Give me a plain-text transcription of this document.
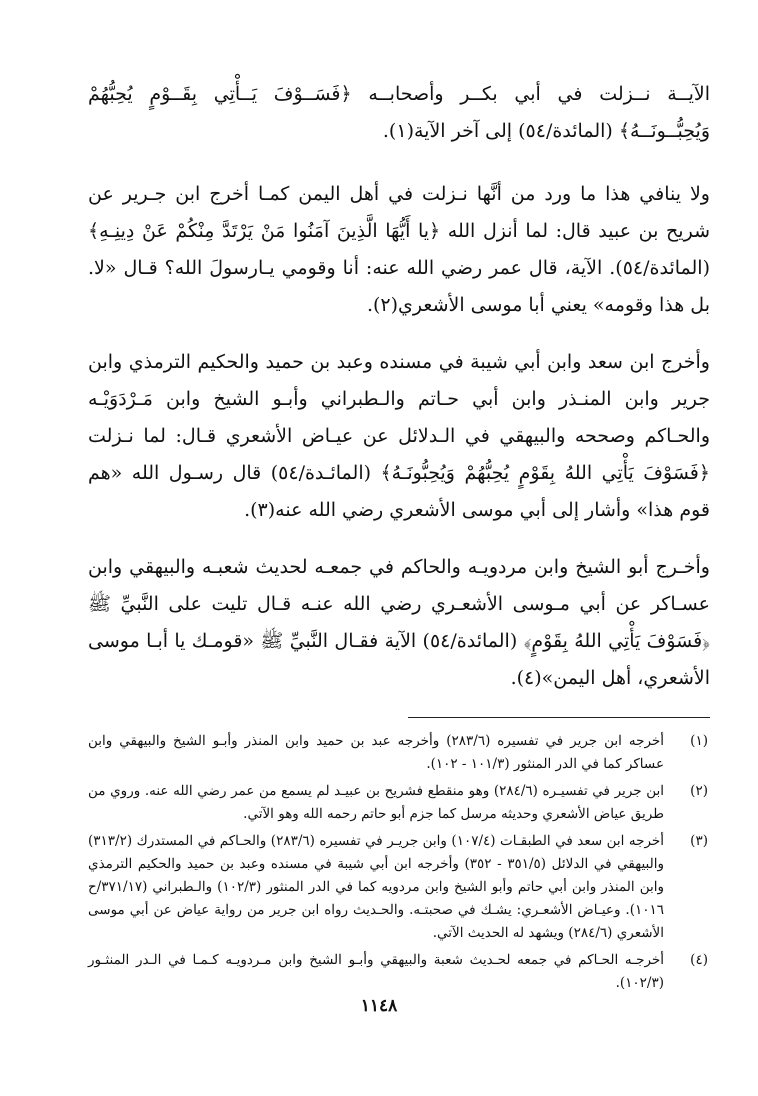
الآيــة نــزلت في أبي بكــر وأصحابــه ﴿فَسَــوْفَ يَــأْتِي بِقَــوْمٍ يُحِبُّهُمْ وَيُحِبُّــونَــهُ﴾ (المائدة/٥٤) إلى آخر الآية(١).

ولا ينافي هذا ما ورد من أنَّها نـزلت في أهل اليمن كمـا أخرج ابن جـرير عن شريح بن عبيد قال: لما أنزل الله ﴿يا أَيُّهَا الَّذِينَ آمَنُوا مَنْ يَرْتَدَّ مِنْكُمْ عَنْ دِينِـهِ﴾ (المائدة/٥٤). الآية، قال عمر رضي الله عنه: أنا وقومي يـارسولَ الله؟ قـال «لا. بل هذا وقومه» يعني أبا موسى الأشعري(٢).

وأخرج ابن سعد وابن أبي شيبة في مسنده وعبد بن حميد والحكيم الترمذي وابن جرير وابن المنـذر وابن أبي حـاتم والـطبراني وأبـو الشيخ وابن مَـرْدَوَيْـه والحـاكم وصححه والبيهقي في الـدلائل عن عيـاض الأشعري قـال: لما نـزلت ﴿فَسَوْفَ يَأْتِي اللهُ بِقَوْمٍ يُحِبُّهُمْ وَيُحِبُّونَـهُ﴾ (المائـدة/٥٤) قال رسـول الله «هم قوم هذا» وأشار إلى أبي موسى الأشعري رضي الله عنه(٣).

وأخـرج أبو الشيخ وابن مردويـه والحاكم في جمعـه لحديث شعبـه والبيهقي وابن عسـاكر عن أبي مـوسى الأشعـري رضي الله عنـه قـال تليت على النَّبيِّ ﷺ ﴿فَسَوْفَ يَأْتِي اللهُ بِقَوْمٍ﴾ (المائدة/٥٤) الآية فقـال النَّبيِّ ﷺ «قومـك يا أبـا موسى الأشعري، أهل اليمن»(٤).

(١)
أخرجه ابن جرير في تفسيره (٢٨٣/٦) وأخرجه عبد بن حميد وابن المنذر وأبـو الشيخ والبيهقي وابن عساكر كما في الدر المنثور (١٠١/٣ - ١٠٢).
(٢)
ابن جرير في تفسيـره (٢٨٤/٦) وهو منقطع فشريح بن عبيـد لم يسمع من عمر رضي الله عنه. وروي من طريق عياض الأشعري وحديثه مرسل كما جزم أبو حاتم رحمه الله وهو الآتي.
(٣)
أخرجه ابن سعد في الطبقـات (١٠٧/٤) وابن جريـر في تفسيره (٢٨٣/٦) والحـاكم في المستدرك (٣١٣/٢) والبيهقي في الدلائل (٣٥١/٥ - ٣٥٢) وأخرجه ابن أبي شيبة في مسنده وعبد بن حميد والحكيم الترمذي وابن المنذر وابن أبي حاتم وأبو الشيخ وابن مردويه كما في الدر المنثور (١٠٢/٣) والـطبراني (٣٧١/١٧/ح ١٠١٦). وعيـاض الأشعـري: يشـك في صحبتـه. والحـديث رواه ابن جرير من رواية عياض عن أبي موسى الأشعري (٢٨٤/٦) ويشهد له الحديث الآتي.
(٤)
أخرجـه الحـاكم في جمعه لحـديث شعبة والبيهقي وأبـو الشيخ وابن مـردويـه كـمـا في الـدر المنثـور (١٠٢/٣).
١١٤٨
